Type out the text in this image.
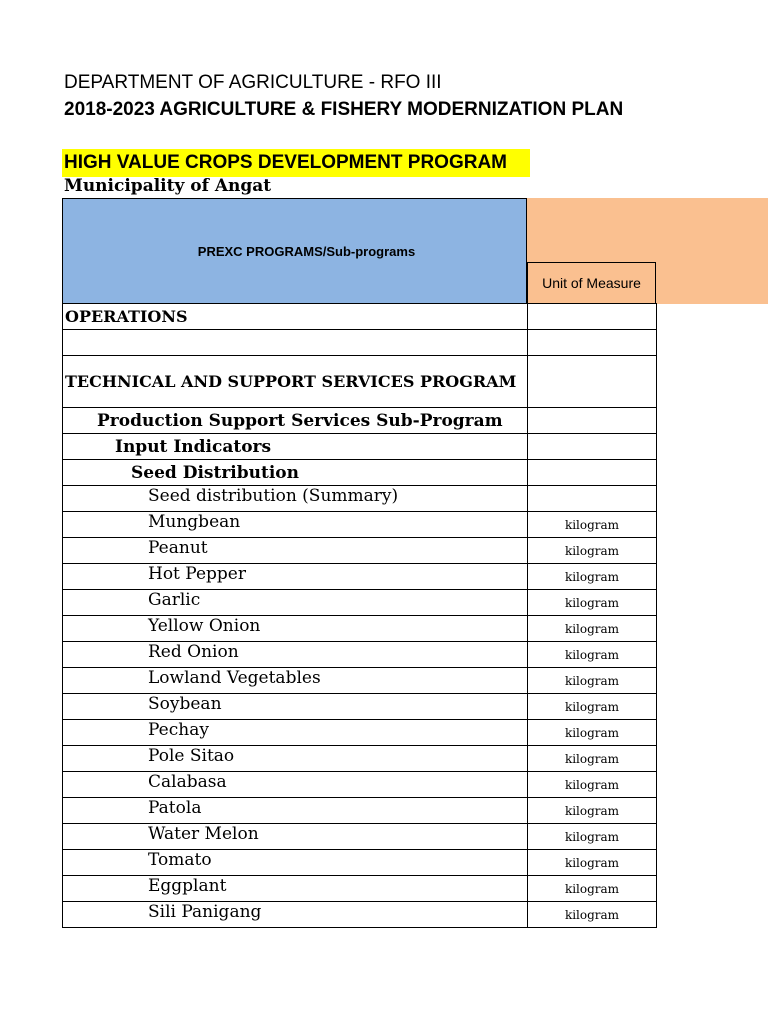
DEPARTMENT OF AGRICULTURE - RFO III
2018-2023 AGRICULTURE & FISHERY MODERNIZATION PLAN
HIGH VALUE CROPS DEVELOPMENT PROGRAM
Municipality of Angat
PREXC PROGRAMS/Sub-programs
Unit of Measure
OPERATIONS	

TECHNICAL AND SUPPORT SERVICES PROGRAM	

Production Support Services Sub-Program	

Input Indicators	

Seed Distribution	

Seed distribution (Summary)	

Mungbean	kilogram

Peanut	kilogram

Hot Pepper	kilogram

Garlic	kilogram

Yellow Onion	kilogram

Red Onion	kilogram

Lowland Vegetables	kilogram

Soybean	kilogram

Pechay	kilogram

Pole Sitao	kilogram

Calabasa	kilogram

Patola	kilogram

Water Melon	kilogram

Tomato	kilogram

Eggplant	kilogram

Sili Panigang	kilogram
